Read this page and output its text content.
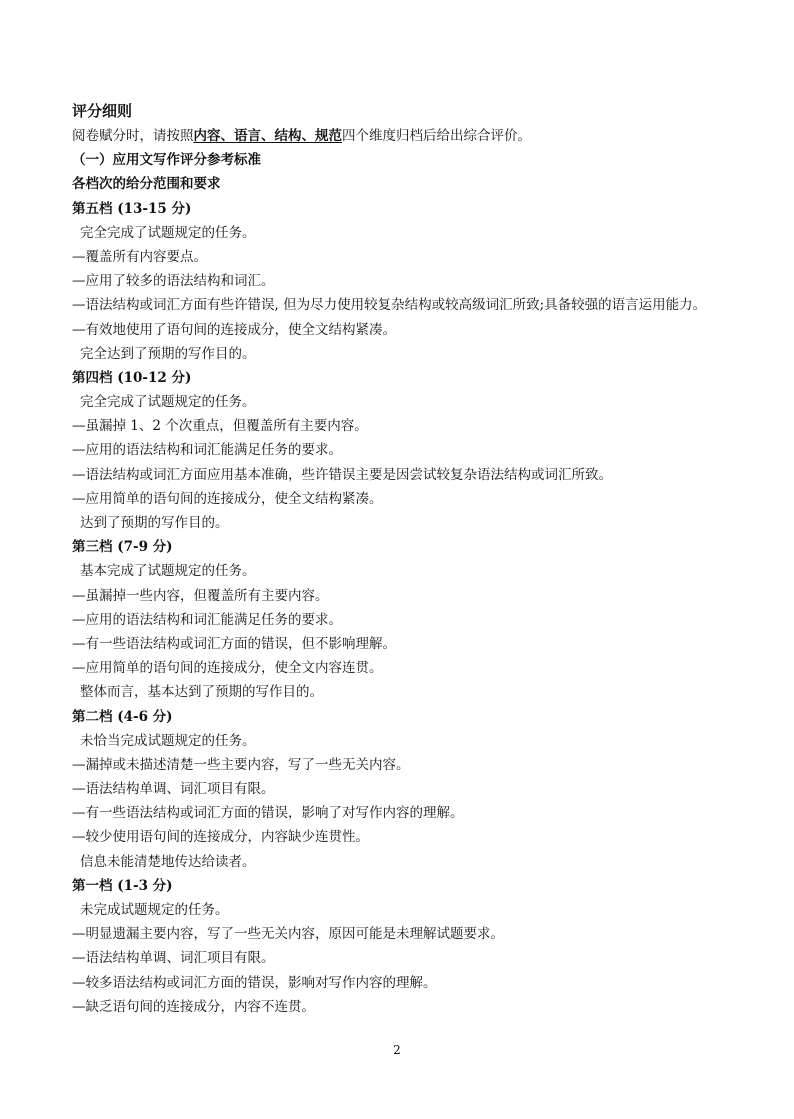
评分细则
阅卷赋分时，请按照内容、语言、结构、规范四个维度归档后给出综合评价。
（一）应用文写作评分参考标准
各档次的给分范围和要求
第五档 (13-15 分)
完全完成了试题规定的任务。
—覆盖所有内容要点。
—应用了较多的语法结构和词汇。
—语法结构或词汇方面有些许错误, 但为尽力使用较复杂结构或较高级词汇所致;具备较强的语言运用能力。
—有效地使用了语句间的连接成分，使全文结构紧凑。
完全达到了预期的写作目的。
第四档 (10-12 分)
完全完成了试题规定的任务。
—虽漏掉 1、2 个次重点，但覆盖所有主要内容。
—应用的语法结构和词汇能满足任务的要求。
—语法结构或词汇方面应用基本准确，些许错误主要是因尝试较复杂语法结构或词汇所致。
—应用简单的语句间的连接成分，使全文结构紧凑。
达到了预期的写作目的。
第三档 (7-9 分)
基本完成了试题规定的任务。
—虽漏掉一些内容，但覆盖所有主要内容。
—应用的语法结构和词汇能满足任务的要求。
—有一些语法结构或词汇方面的错误，但不影响理解。
—应用简单的语句间的连接成分，使全文内容连贯。
整体而言，基本达到了预期的写作目的。
第二档 (4-6 分)
未恰当完成试题规定的任务。
—漏掉或未描述清楚一些主要内容，写了一些无关内容。
—语法结构单调、词汇项目有限。
—有一些语法结构或词汇方面的错误，影响了对写作内容的理解。
—较少使用语句间的连接成分，内容缺少连贯性。
信息未能清楚地传达给读者。
第一档 (1-3 分)
未完成试题规定的任务。
—明显遗漏主要内容，写了一些无关内容，原因可能是未理解试题要求。
—语法结构单调、词汇项目有限。
—较多语法结构或词汇方面的错误，影响对写作内容的理解。
—缺乏语句间的连接成分，内容不连贯。
2
